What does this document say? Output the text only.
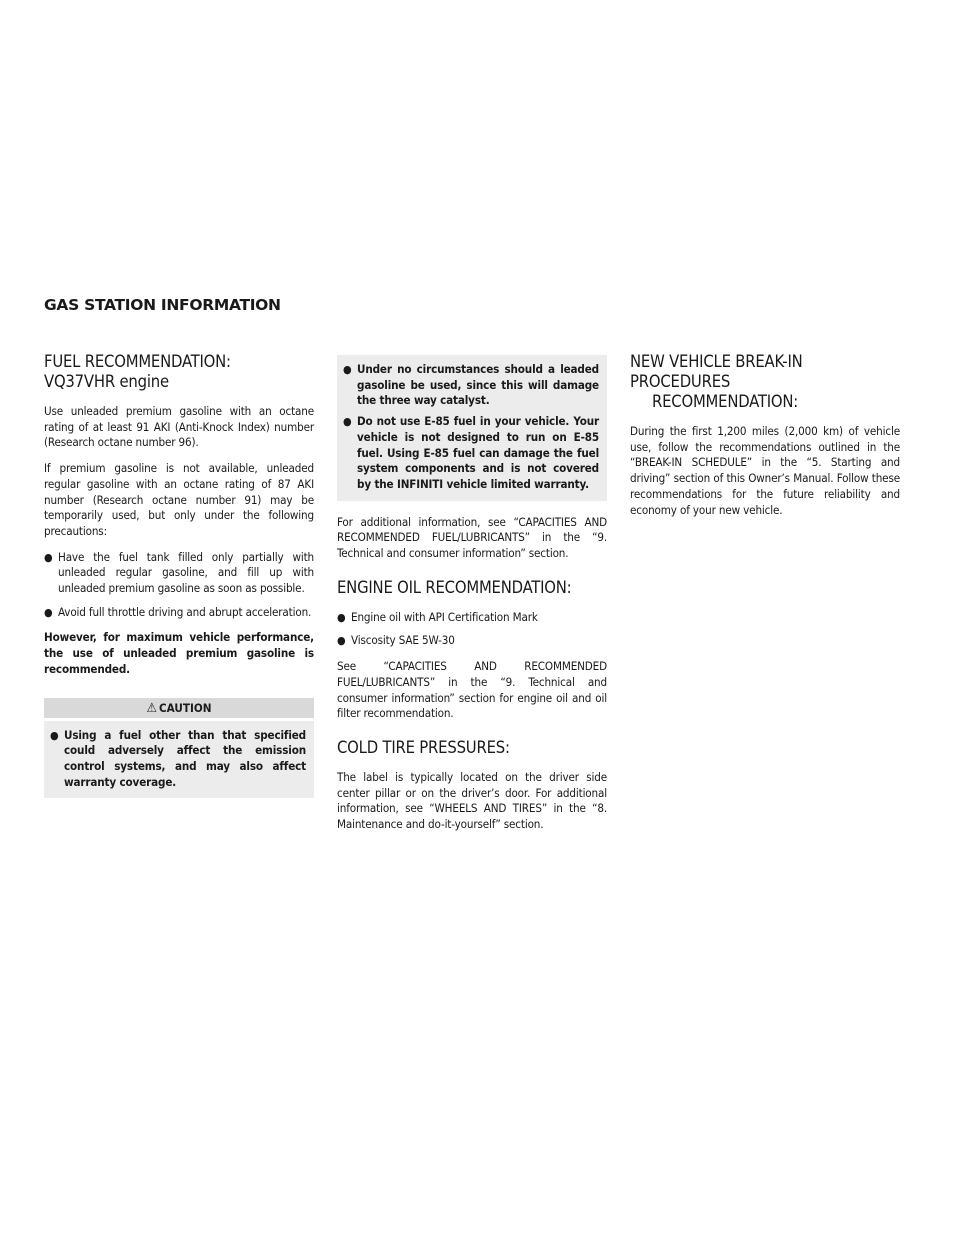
GAS STATION INFORMATION
FUEL RECOMMENDATION:
VQ37VHR engine

Use unleaded premium gasoline with an octane rating of at least 91 AKI (Anti-Knock Index) number (Research octane number 96).

If premium gasoline is not available, unleaded regular gasoline with an octane rating of 87 AKI number (Research octane number 91) may be temporarily used, but only under the following precautions:

● Have the fuel tank filled only partially with unleaded regular gasoline, and fill up with unleaded premium gasoline as soon as possible.
● Avoid full throttle driving and abrupt acceleration.

However, for maximum vehicle performance, the use of unleaded premium gasoline is recommended.

⚠ CAUTION
● Using a fuel other than that specified could adversely affect the emission control systems, and may also affect warranty coverage.
● Under no circumstances should a leaded gasoline be used, since this will damage the three way catalyst.
● Do not use E-85 fuel in your vehicle. Your vehicle is not designed to run on E-85 fuel. Using E-85 fuel can damage the fuel system components and is not covered by the INFINITI vehicle limited warranty.

For additional information, see “CAPACITIES AND RECOMMENDED FUEL/LUBRICANTS” in the “9. Technical and consumer information” section.

ENGINE OIL RECOMMENDATION:
● Engine oil with API Certification Mark
● Viscosity SAE 5W-30

See “CAPACITIES AND RECOMMENDED FUEL/LUBRICANTS” in the “9. Technical and consumer information” section for engine oil and oil filter recommendation.

COLD TIRE PRESSURES:

The label is typically located on the driver side center pillar or on the driver’s door. For additional information, see “WHEELS AND TIRES” in the “8. Maintenance and do-it-yourself” section.

NEW VEHICLE BREAK-IN PROCEDURES
RECOMMENDATION:

During the first 1,200 miles (2,000 km) of vehicle use, follow the recommendations outlined in the “BREAK-IN SCHEDULE” in the “5. Starting and driving” section of this Owner’s Manual. Follow these recommendations for the future reliability and economy of your new vehicle.
